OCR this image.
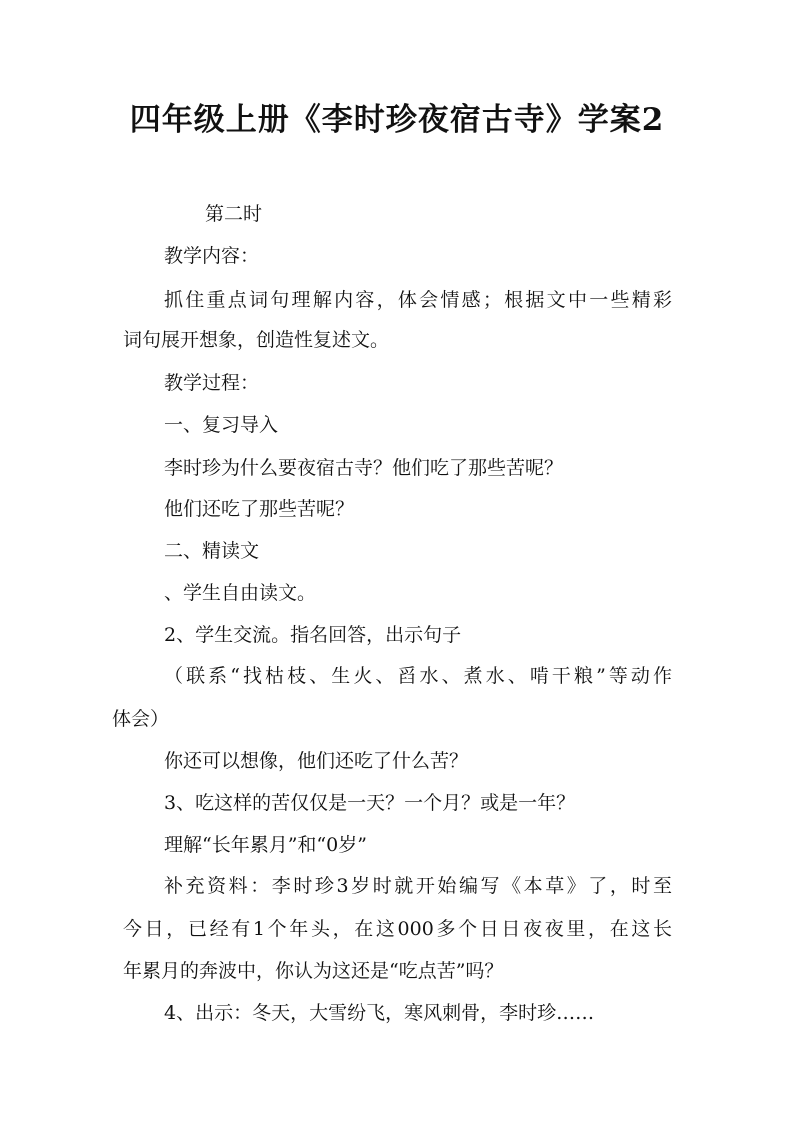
四年级上册《李时珍夜宿古寺》学案2

第二时

教学内容：

抓住重点词句理解内容，体会情感；根据文中一些精彩

词句展开想象，创造性复述文。

教学过程：

一、复习导入

李时珍为什么要夜宿古寺？他们吃了那些苦呢？

他们还吃了那些苦呢？

二、精读文

、学生自由读文。

2、学生交流。指名回答，出示句子

（联系“找枯枝、生火、舀水、煮水、啃干粮”等动作

体会）

你还可以想像，他们还吃了什么苦？

3、吃这样的苦仅仅是一天？一个月？或是一年？

理解“长年累月”和“0岁”

补充资料：李时珍3岁时就开始编写《本草》了，时至

今日，已经有1个年头，在这000多个日日夜夜里，在这长

年累月的奔波中，你认为这还是“吃点苦”吗？

4、出示：冬天，大雪纷飞，寒风刺骨，李时珍……
